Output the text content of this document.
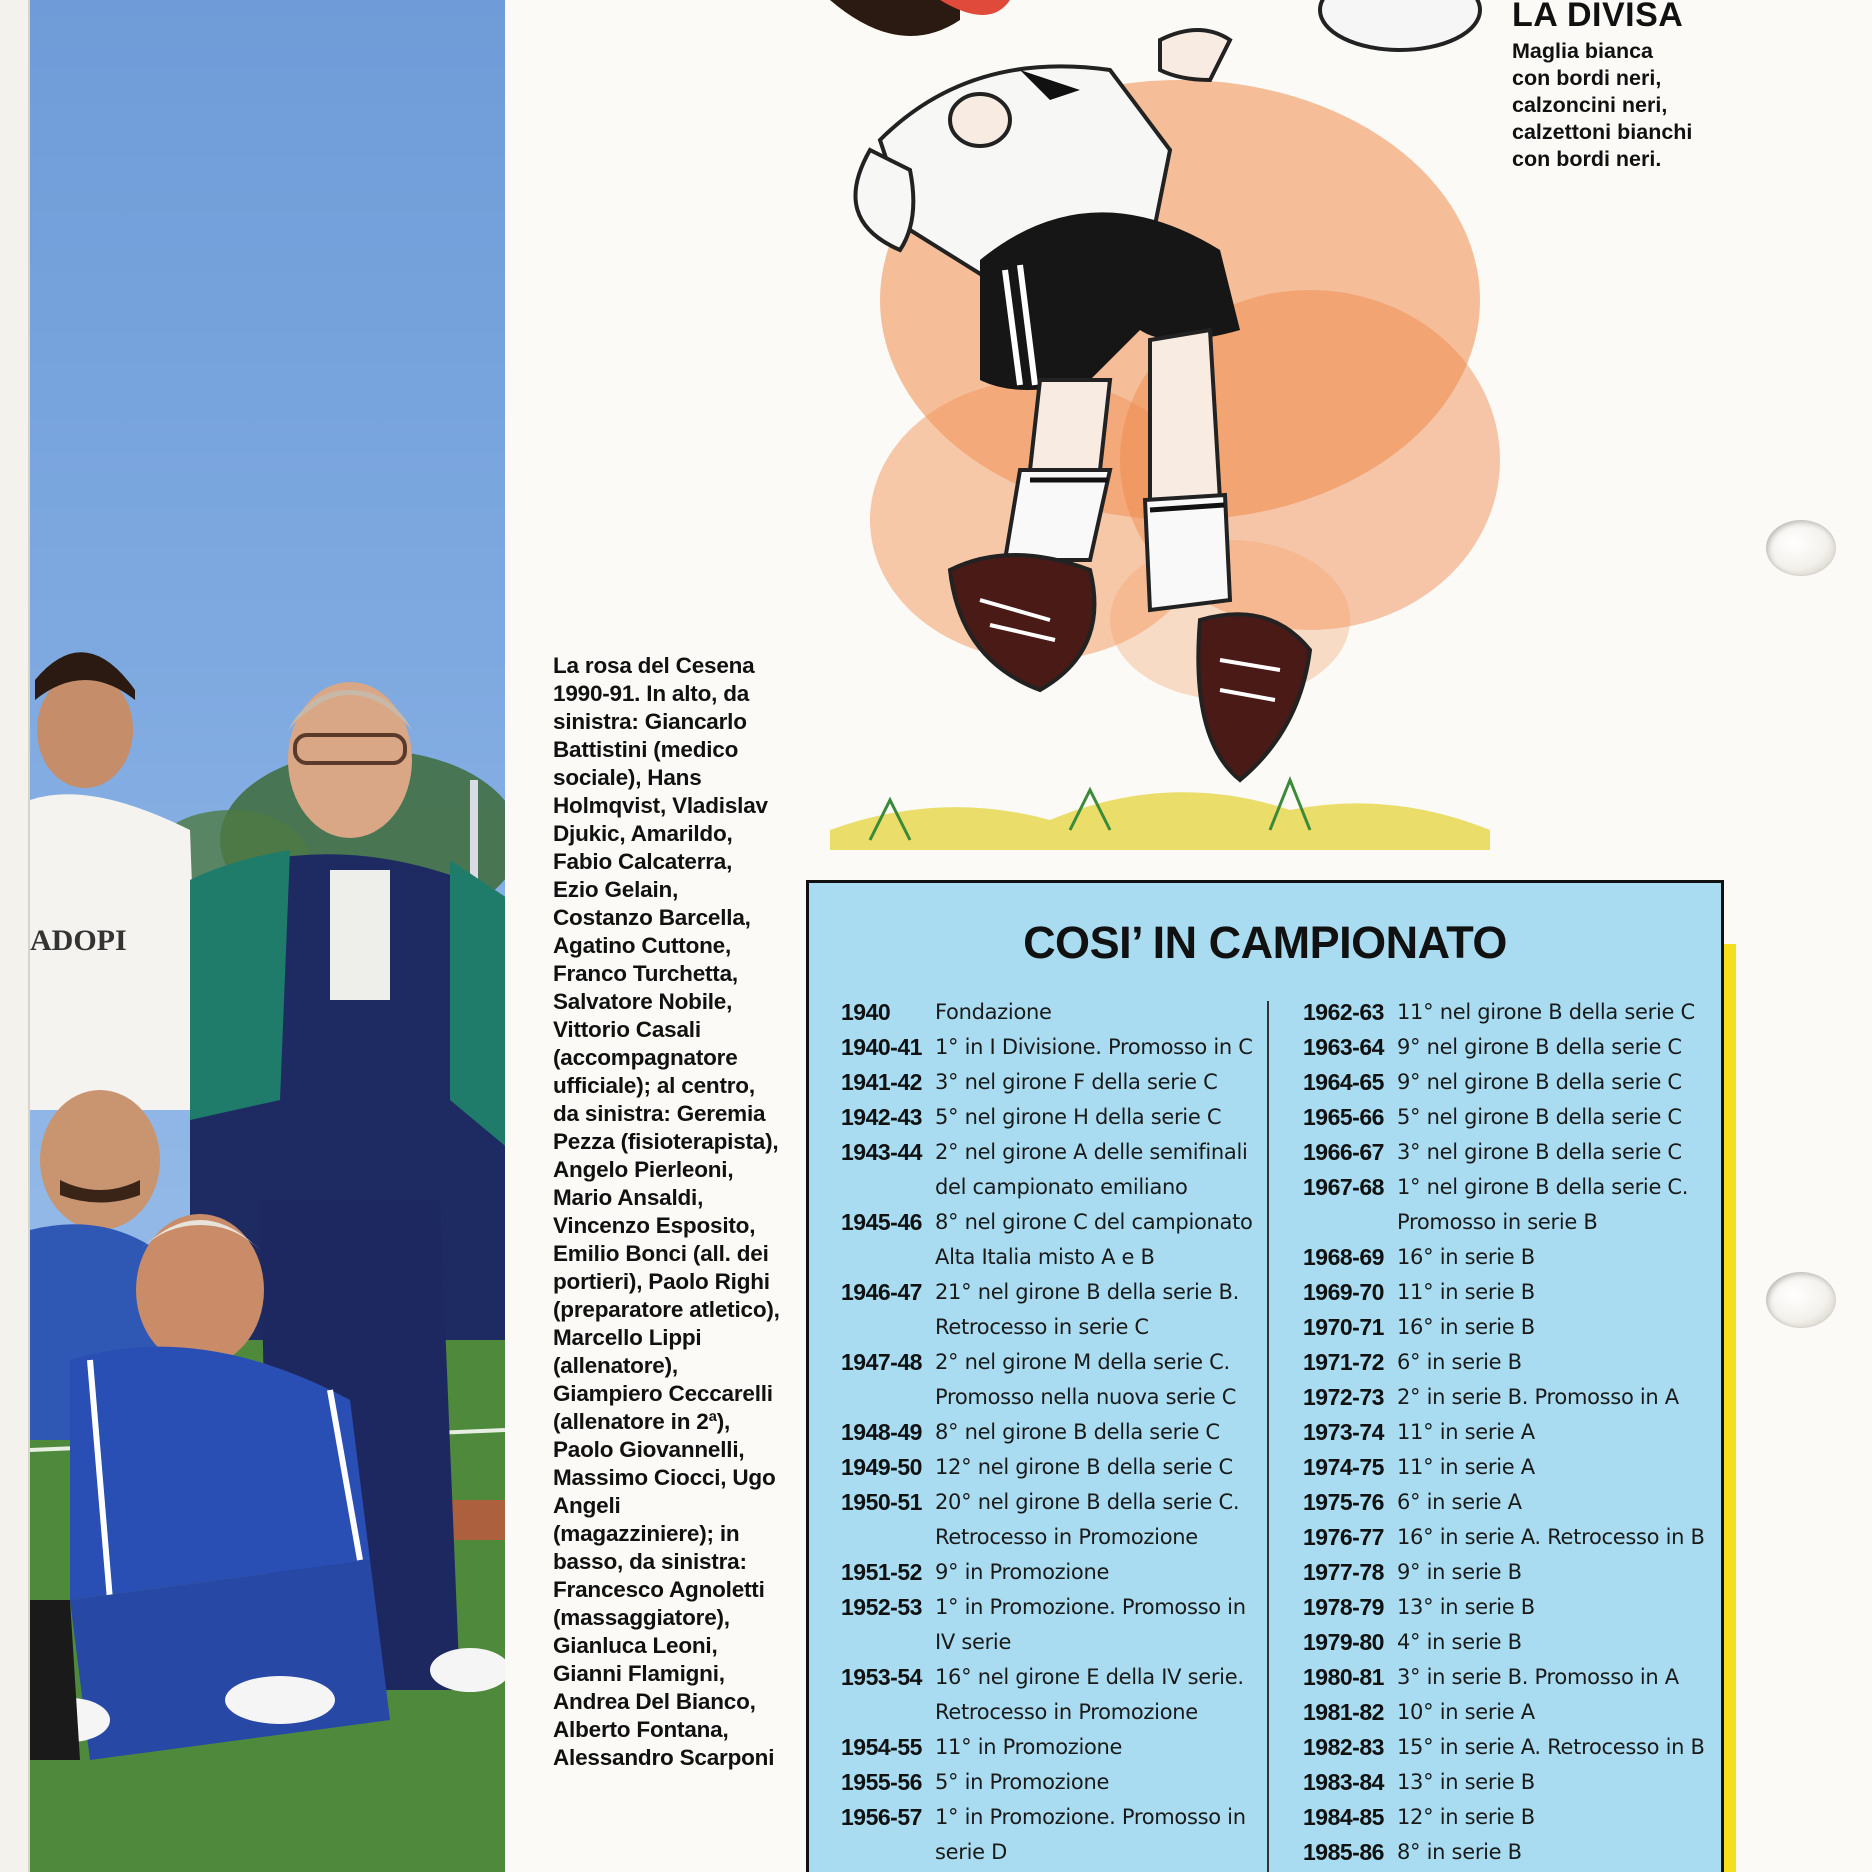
ADOPI
La rosa del Cesena 1990-91. In alto, da sinistra: Giancarlo Battistini (medico sociale), Hans Holmqvist, Vladislav Djukic, Amarildo, Fabio Calcaterra, Ezio Gelain, Costanzo Barcella, Agatino Cuttone, Franco Turchetta, Salvatore Nobile, Vittorio Casali (accompagnatore ufficiale); al centro, da sinistra: Geremia Pezza (fisioterapista), Angelo Pierleoni, Mario Ansaldi, Vincenzo Esposito, Emilio Bonci (all. dei portieri), Paolo Righi (preparatore atletico), Marcello Lippi (allenatore), Giampiero Ceccarelli (allenatore in 2ª), Paolo Giovannelli, Massimo Ciocci, Ugo Angeli (magazziniere); in basso, da sinistra: Francesco Agnoletti (massaggiatore), Gianluca Leoni, Gianni Flamigni, Andrea Del Bianco, Alberto Fontana, Alessandro Scarponi
LA DIVISA
Maglia bianca
con bordi neri,
calzoncini neri,
calzettoni bianchi
con bordi neri.
COSI’ IN CAMPIONATO
1940	Fondazione
1940-41 1° in I Divisione. Promosso in C
1941-42 3° nel girone F della serie C
1942-43 5° nel girone H della serie C
1943-44 2° nel girone A delle semifinali del campionato emiliano
1945-46 8° nel girone C del campionato Alta Italia misto A e B
1946-47 21° nel girone B della serie B. Retrocesso in serie C
1947-48 2° nel girone M della serie C. Promosso nella nuova serie C
1948-49 8° nel girone B della serie C
1949-50 12° nel girone B della serie C
1950-51 20° nel girone B della serie C. Retrocesso in Promozione
1951-52 9° in Promozione
1952-53 1° in Promozione. Promosso in IV serie
1953-54 16° nel girone E della IV serie. Retrocesso in Promozione
1954-55 11° in Promozione
1955-56 5° in Promozione
1956-57 1° in Promozione. Promosso in serie D
1962-63 11° nel girone B della serie C
1963-64 9° nel girone B della serie C
1964-65 9° nel girone B della serie C
1965-66 5° nel girone B della serie C
1966-67 3° nel girone B della serie C
1967-68 1° nel girone B della serie C. Promosso in serie B
1968-69 16° in serie B
1969-70 11° in serie B
1970-71 16° in serie B
1971-72 6° in serie B
1972-73 2° in serie B. Promosso in A
1973-74 11° in serie A
1974-75 11° in serie A
1975-76 6° in serie A
1976-77 16° in serie A. Retrocesso in B
1977-78 9° in serie B
1978-79 13° in serie B
1979-80 4° in serie B
1980-81 3° in serie B. Promosso in A
1981-82 10° in serie A
1982-83 15° in serie A. Retrocesso in B
1983-84 13° in serie B
1984-85 12° in serie B
1985-86 8° in serie B
